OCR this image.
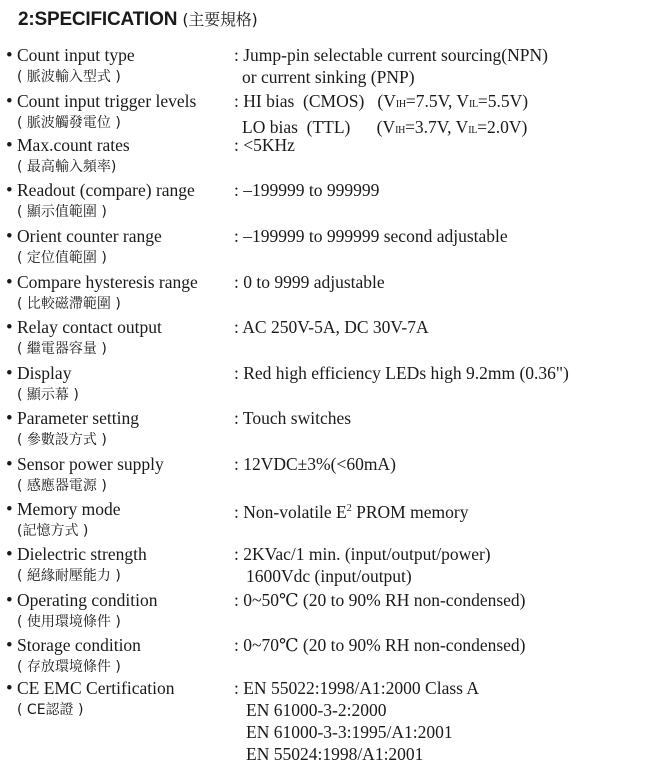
2:SPECIFICATION (主要規格)
• Count input type
( 脈波輸入型式 )
: Jump-pin selectable current sourcing(NPN)
or current sinking (PNP)
• Count input trigger levels
( 脈波觸發電位 )
: HI bias  (CMOS)   (VIH=7.5V, VIL=5.5V)
LO bias  (TTL)      (VIH=3.7V, VIL=2.0V)
• Max.count rates
( 最高輸入頻率)
: <5KHz
• Readout (compare) range
( 顯示值範圍 )
: –199999 to 999999
• Orient counter range
( 定位值範圍 )
: –199999 to 999999 second adjustable
• Compare hysteresis range
( 比較磁滯範圍 )
: 0 to 9999 adjustable
• Relay contact output
( 繼電器容量 )
: AC 250V-5A, DC 30V-7A
• Display
( 顯示幕 )
: Red high efficiency LEDs high 9.2mm (0.36")
• Parameter setting
( 參數設方式 )
: Touch switches
• Sensor power supply
( 感應器電源 )
: 12VDC±3%(<60mA)
• Memory mode
(記憶方式 )
: Non-volatile $E^2$ PROM memory
• Dielectric strength
( 絕緣耐壓能力 )
: 2KVac/1 min. (input/output/power)
1600Vdc (input/output)
• Operating condition
( 使用環境條件 )
: 0~50℃ (20 to 90% RH non-condensed)
• Storage condition
( 存放環境條件 )
: 0~70℃ (20 to 90% RH non-condensed)
• CE EMC Certification
( CE認證 )
: EN 55022:1998/A1:2000 Class A
EN 61000-3-2:2000
EN 61000-3-3:1995/A1:2001
EN 55024:1998/A1:2001
